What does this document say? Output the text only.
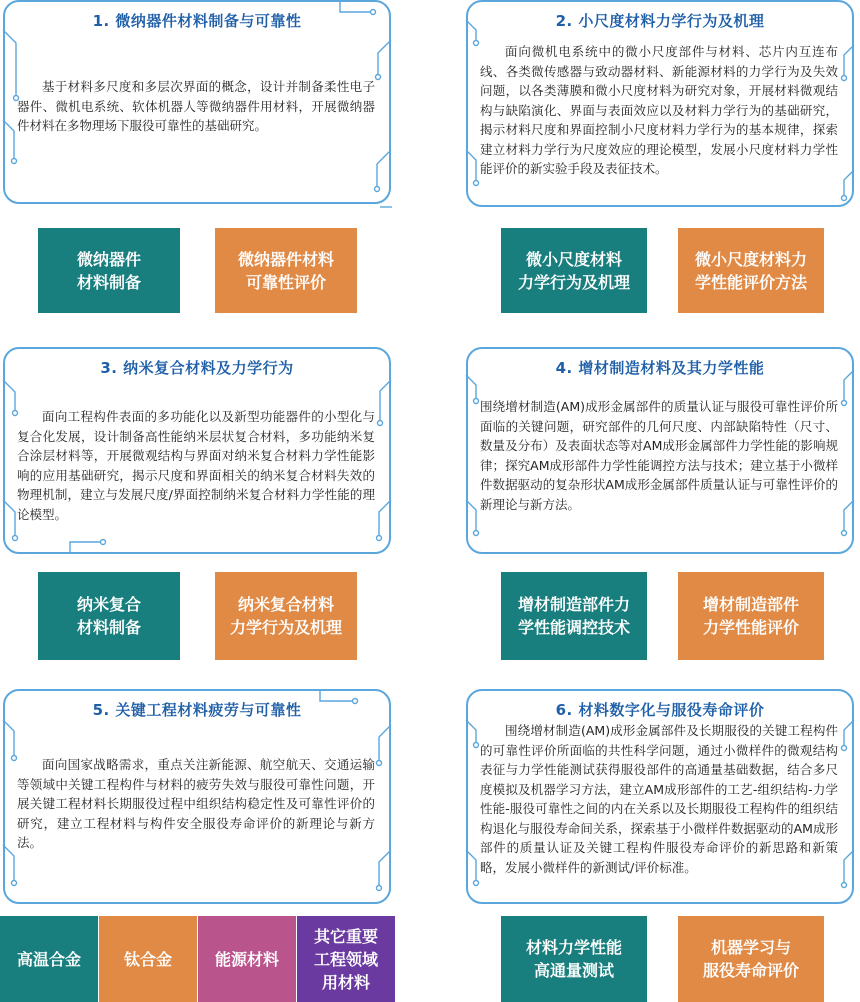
1. 微纳器件材料制备与可靠性
基于材料多尺度和多层次界面的概念，设计并制备柔性电子器件、微机电系统、软体机器人等微纳器件用材料，开展微纳器件材料在多物理场下服役可靠性的基础研究。
微纳器件
材料制备
微纳器件材料
可靠性评价
2. 小尺度材料力学行为及机理
面向微机电系统中的微小尺度部件与材料、芯片内互连布线、各类微传感器与致动器材料、新能源材料的力学行为及失效问题，以各类薄膜和微小尺度材料为研究对象，开展材料微观结构与缺陷演化、界面与表面效应以及材料力学行为的基础研究，揭示材料尺度和界面控制小尺度材料力学行为的基本规律，探索建立材料力学行为尺度效应的理论模型，发展小尺度材料力学性能评价的新实验手段及表征技术。
微小尺度材料
力学行为及机理
微小尺度材料力
学性能评价方法
3. 纳米复合材料及力学行为
面向工程构件表面的多功能化以及新型功能器件的小型化与复合化发展，设计制备高性能纳米层状复合材料，多功能纳米复合涂层材料等，开展微观结构与界面对纳米复合材料力学性能影响的应用基础研究，揭示尺度和界面相关的纳米复合材料失效的物理机制，建立与发展尺度/界面控制纳米复合材料力学性能的理论模型。
纳米复合
材料制备
纳米复合材料
力学行为及机理
4. 增材制造材料及其力学性能
围绕增材制造(AM)成形金属部件的质量认证与服役可靠性评价所面临的关键问题，研究部件的几何尺度、内部缺陷特性（尺寸、数量及分布）及表面状态等对AM成形金属部件力学性能的影响规律；探究AM成形部件力学性能调控方法与技术；建立基于小微样件数据驱动的复杂形状AM成形金属部件质量认证与可靠性评价的新理论与新方法。
增材制造部件力
学性能调控技术
增材制造部件
力学性能评价
5. 关键工程材料疲劳与可靠性
面向国家战略需求，重点关注新能源、航空航天、交通运输等领域中关键工程构件与材料的疲劳失效与服役可靠性问题，开展关键工程材料长期服役过程中组织结构稳定性及可靠性评价的研究，建立工程材料与构件安全服役寿命评价的新理论与新方法。
高温合金	钛合金	能源材料
其它重要
工程领域
用材料
6. 材料数字化与服役寿命评价
围绕增材制造(AM)成形金属部件及长期服役的关键工程构件的可靠性评价所面临的共性科学问题，通过小微样件的微观结构表征与力学性能测试获得服役部件的高通量基础数据，结合多尺度模拟及机器学习方法，建立AM成形部件的工艺-组织结构-力学性能-服役可靠性之间的内在关系以及长期服役工程构件的组织结构退化与服役寿命间关系，探索基于小微样件数据驱动的AM成形部件的质量认证及关键工程构件服役寿命评价的新思路和新策略，发展小微样件的新测试/评价标准。
材料力学性能
高通量测试
机器学习与
服役寿命评价
